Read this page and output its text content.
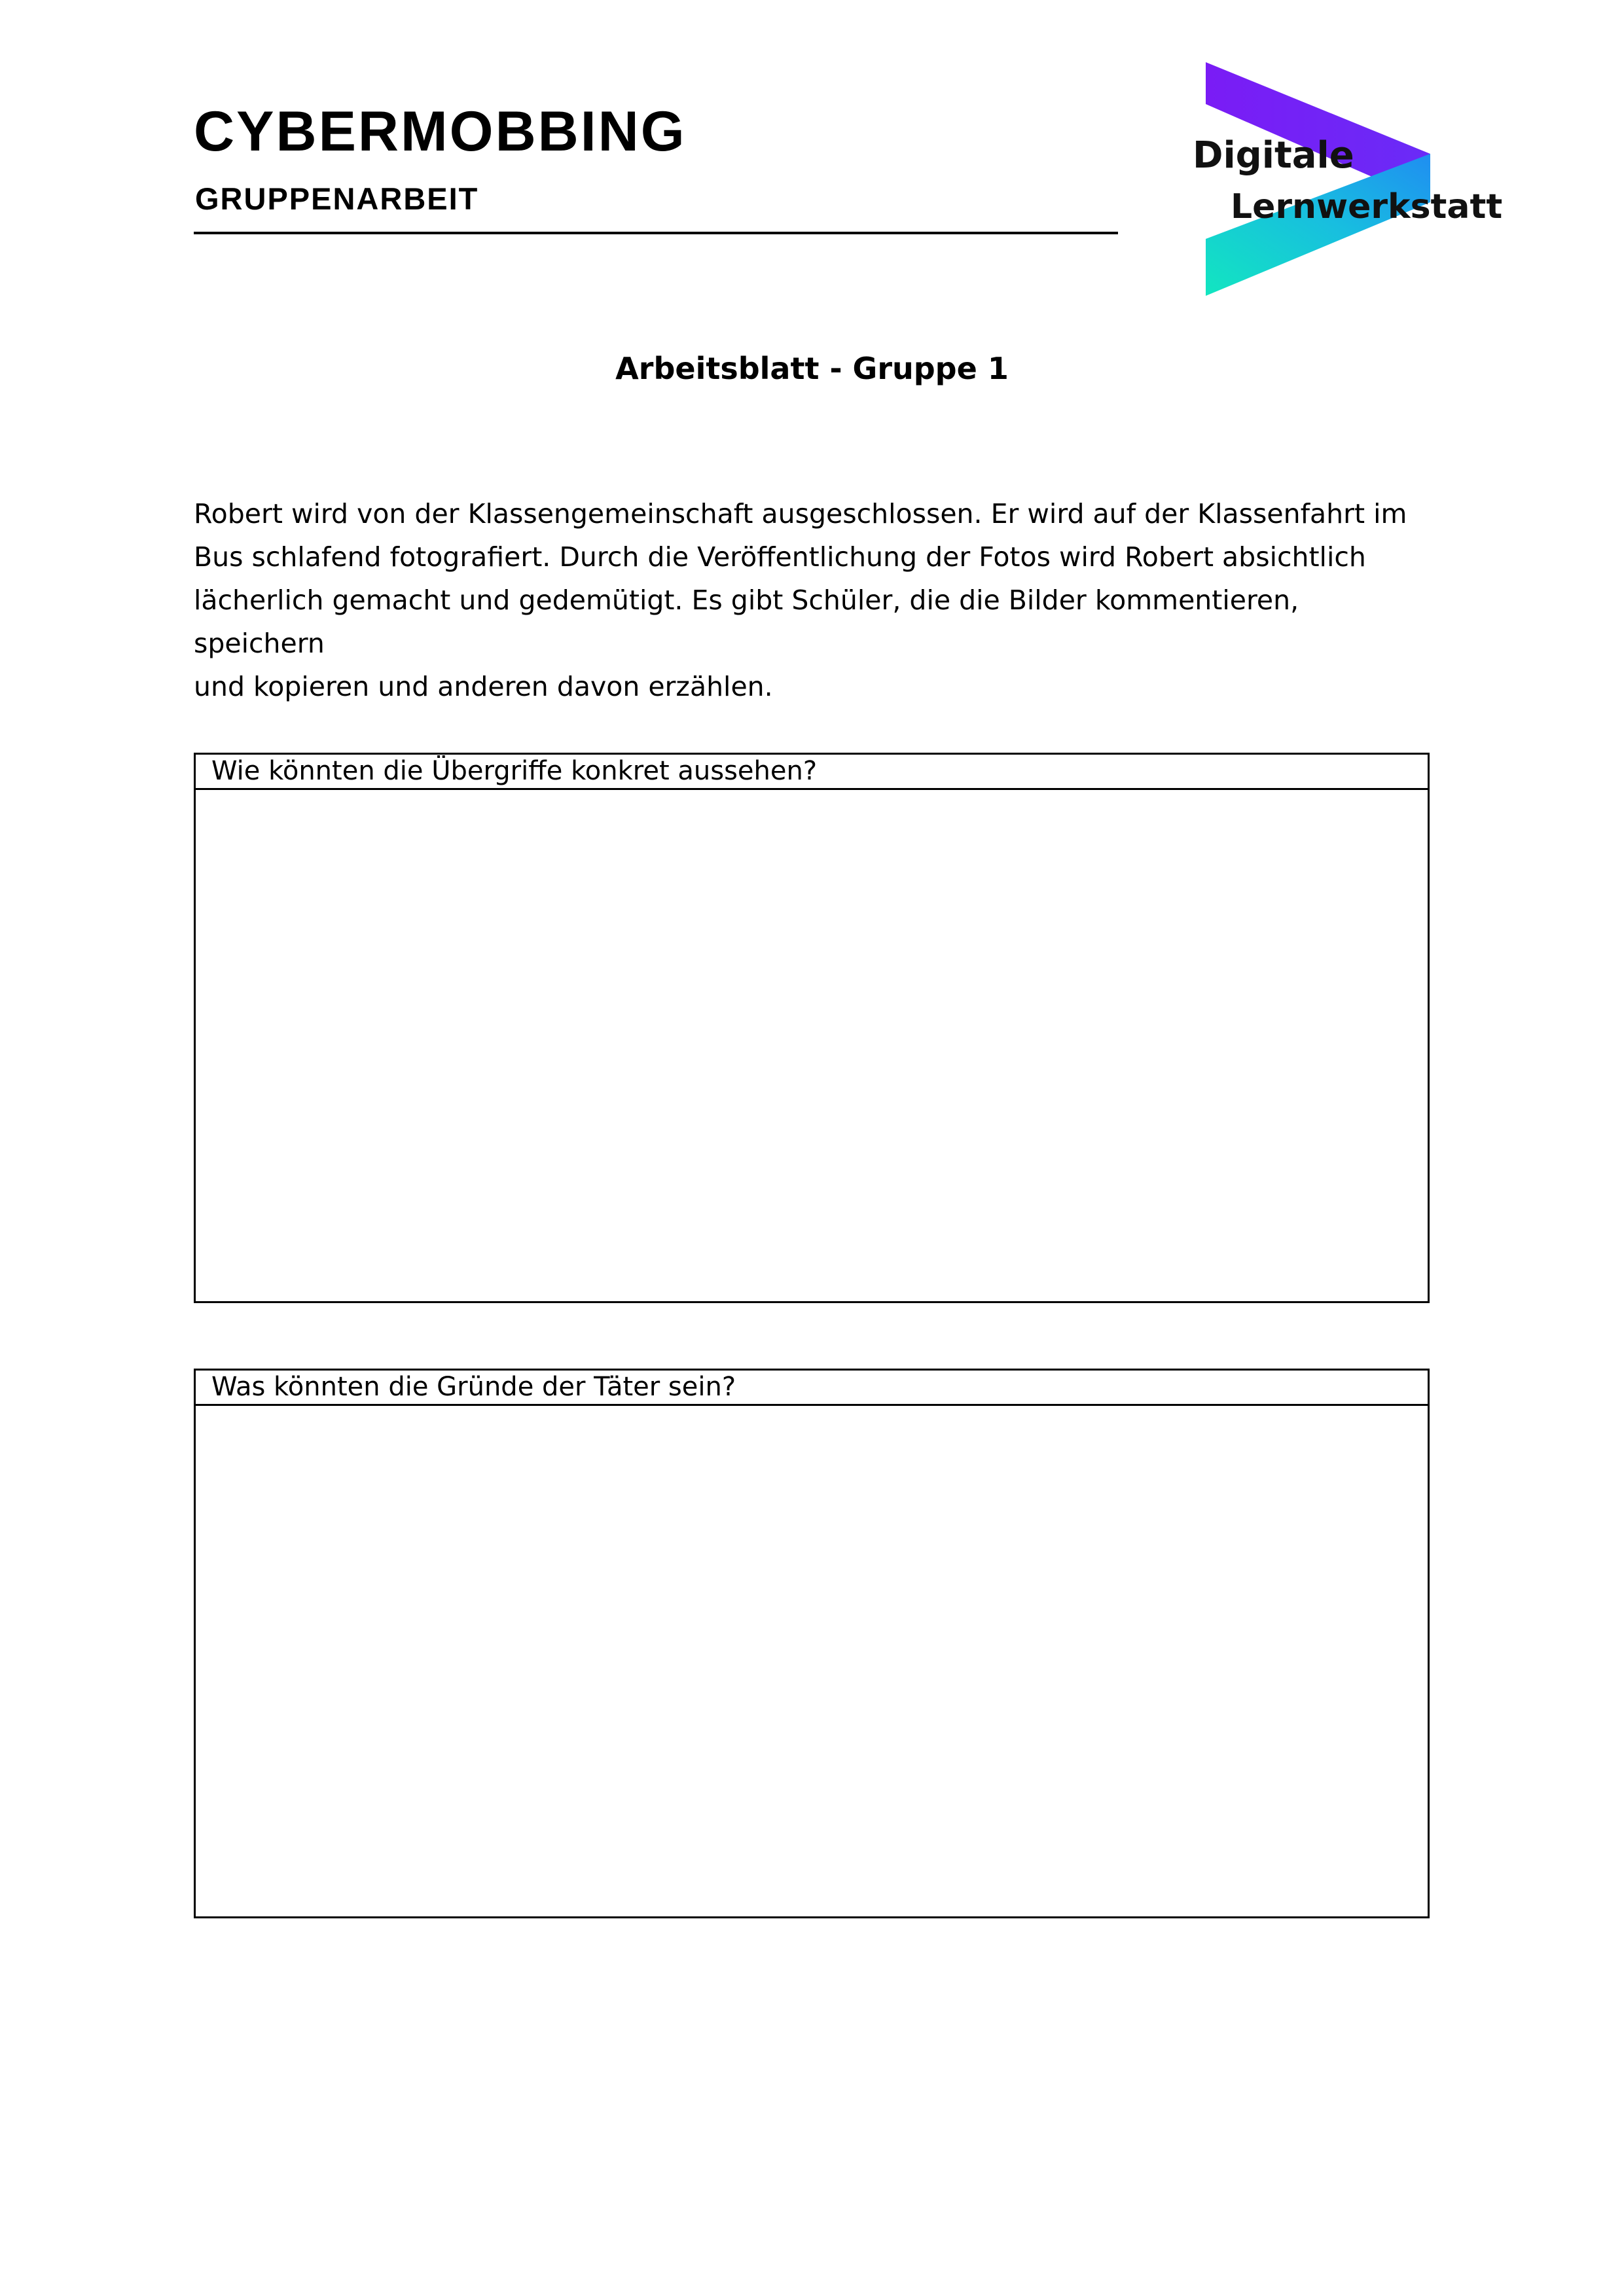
CYBERMOBBING
GRUPPENARBEIT
Digitale
Lernwerkstatt
Arbeitsblatt - Gruppe 1
Robert wird von der Klassengemeinschaft ausgeschlossen. Er wird auf der Klassenfahrt im
Bus schlafend fotografiert. Durch die Veröffentlichung der Fotos wird Robert absichtlich
lächerlich gemacht und gedemütigt. Es gibt Schüler, die die Bilder kommentieren, speichern
und kopieren und anderen davon erzählen.
Wie könnten die Übergriffe konkret aussehen?
Was könnten die Gründe der Täter sein?
